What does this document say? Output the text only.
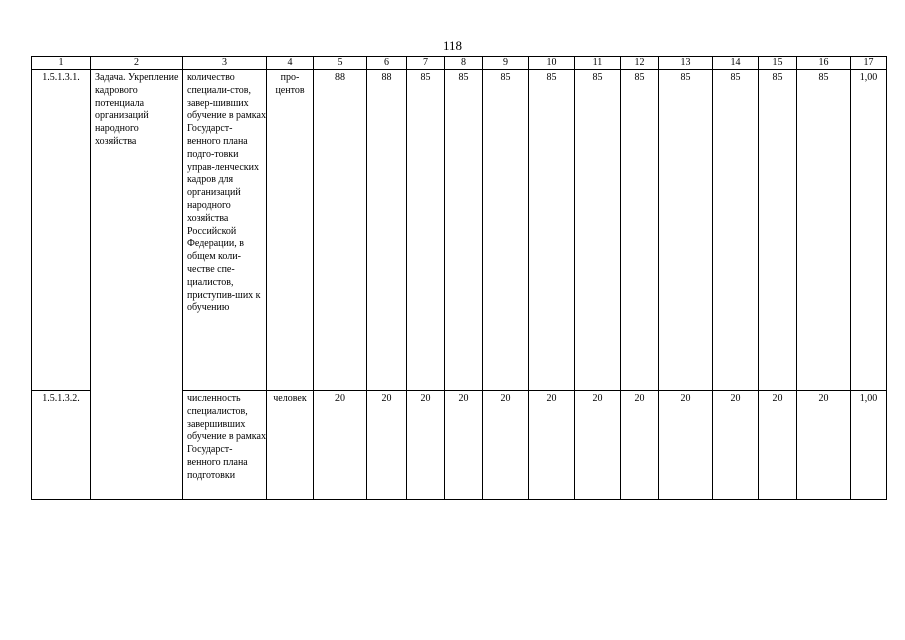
118
1	2	3	4	5	6	7	8	9	10	11	12	13	14	15	16	17
1.5.1.3.1.	Задача. Укрепление кадрового потенциала организаций народного хозяйства	количество специали-стов, завер-шивших обучение в рамках Государст-венного плана подго-товки управ-ленческих кадров для организаций народного хозяйства Российской Федерации, в общем коли-честве спе-циалистов, приступив-ших к обучению	про-центов	88	88	85	85	85	85	85	85	85	85	85	85	1,00
1.5.1.3.2.		численность специалистов, завершивших обучение в рамках Государст-венного плана подготовки	человек	20	20	20	20	20	20	20	20	20	20	20	20	1,00
